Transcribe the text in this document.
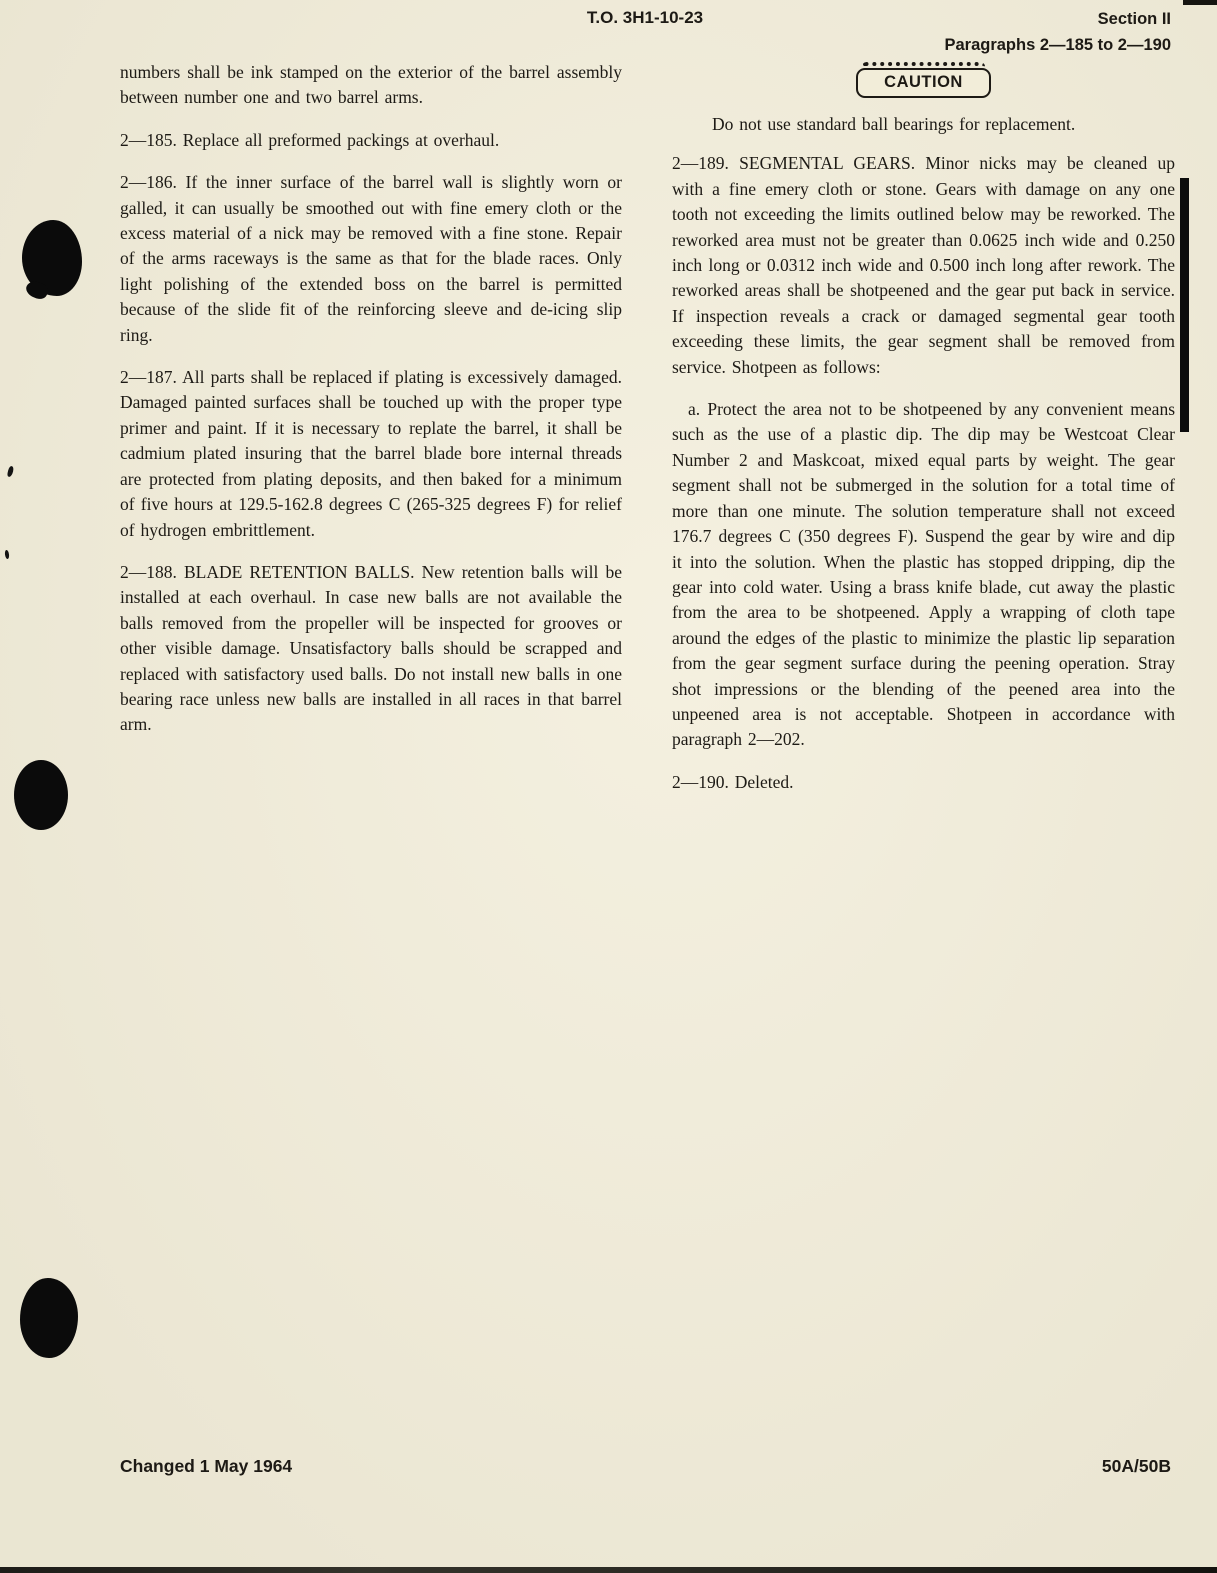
T.O. 3H1-10-23	Section II
Paragraphs 2—185 to 2—190

numbers shall be ink stamped on the exterior of the barrel assembly between number one and two barrel arms.

2—185. Replace all preformed packings at overhaul.

2—186. If the inner surface of the barrel wall is slightly worn or galled, it can usually be smoothed out with fine emery cloth or the excess material of a nick may be removed with a fine stone. Repair of the arms raceways is the same as that for the blade races. Only light polishing of the extended boss on the barrel is permitted because of the slide fit of the reinforcing sleeve and de-icing slip ring.

2—187. All parts shall be replaced if plating is excessively damaged. Damaged painted surfaces shall be touched up with the proper type primer and paint. If it is necessary to replate the barrel, it shall be cadmium plated insuring that the barrel blade bore internal threads are protected from plating deposits, and then baked for a minimum of five hours at 129.5-162.8 degrees C (265-325 degrees F) for relief of hydrogen embrittlement.

2—188. BLADE RETENTION BALLS. New retention balls will be installed at each overhaul. In case new balls are not available the balls removed from the propeller will be inspected for grooves or other visible damage. Unsatisfactory balls should be scrapped and replaced with satisfactory used balls. Do not install new balls in one bearing race unless new balls are installed in all races in that barrel arm.

CAUTION

Do not use standard ball bearings for replacement.

2—189. SEGMENTAL GEARS. Minor nicks may be cleaned up with a fine emery cloth or stone. Gears with damage on any one tooth not exceeding the limits outlined below may be reworked. The reworked area must not be greater than 0.0625 inch wide and 0.250 inch long or 0.0312 inch wide and 0.500 inch long after rework. The reworked areas shall be shotpeened and the gear put back in service. If inspection reveals a crack or damaged segmental gear tooth exceeding these limits, the gear segment shall be removed from service. Shotpeen as follows:

a. Protect the area not to be shotpeened by any convenient means such as the use of a plastic dip. The dip may be Westcoat Clear Number 2 and Maskcoat, mixed equal parts by weight. The gear segment shall not be submerged in the solution for a total time of more than one minute. The solution temperature shall not exceed 176.7 degrees C (350 degrees F). Suspend the gear by wire and dip it into the solution. When the plastic has stopped dripping, dip the gear into cold water. Using a brass knife blade, cut away the plastic from the area to be shotpeened. Apply a wrapping of cloth tape around the edges of the plastic to minimize the plastic lip separation from the gear segment surface during the peening operation. Stray shot impressions or the blending of the peened area into the unpeened area is not acceptable. Shotpeen in accordance with paragraph 2—202.

2—190. Deleted.

Changed 1 May 1964	50A/50B
